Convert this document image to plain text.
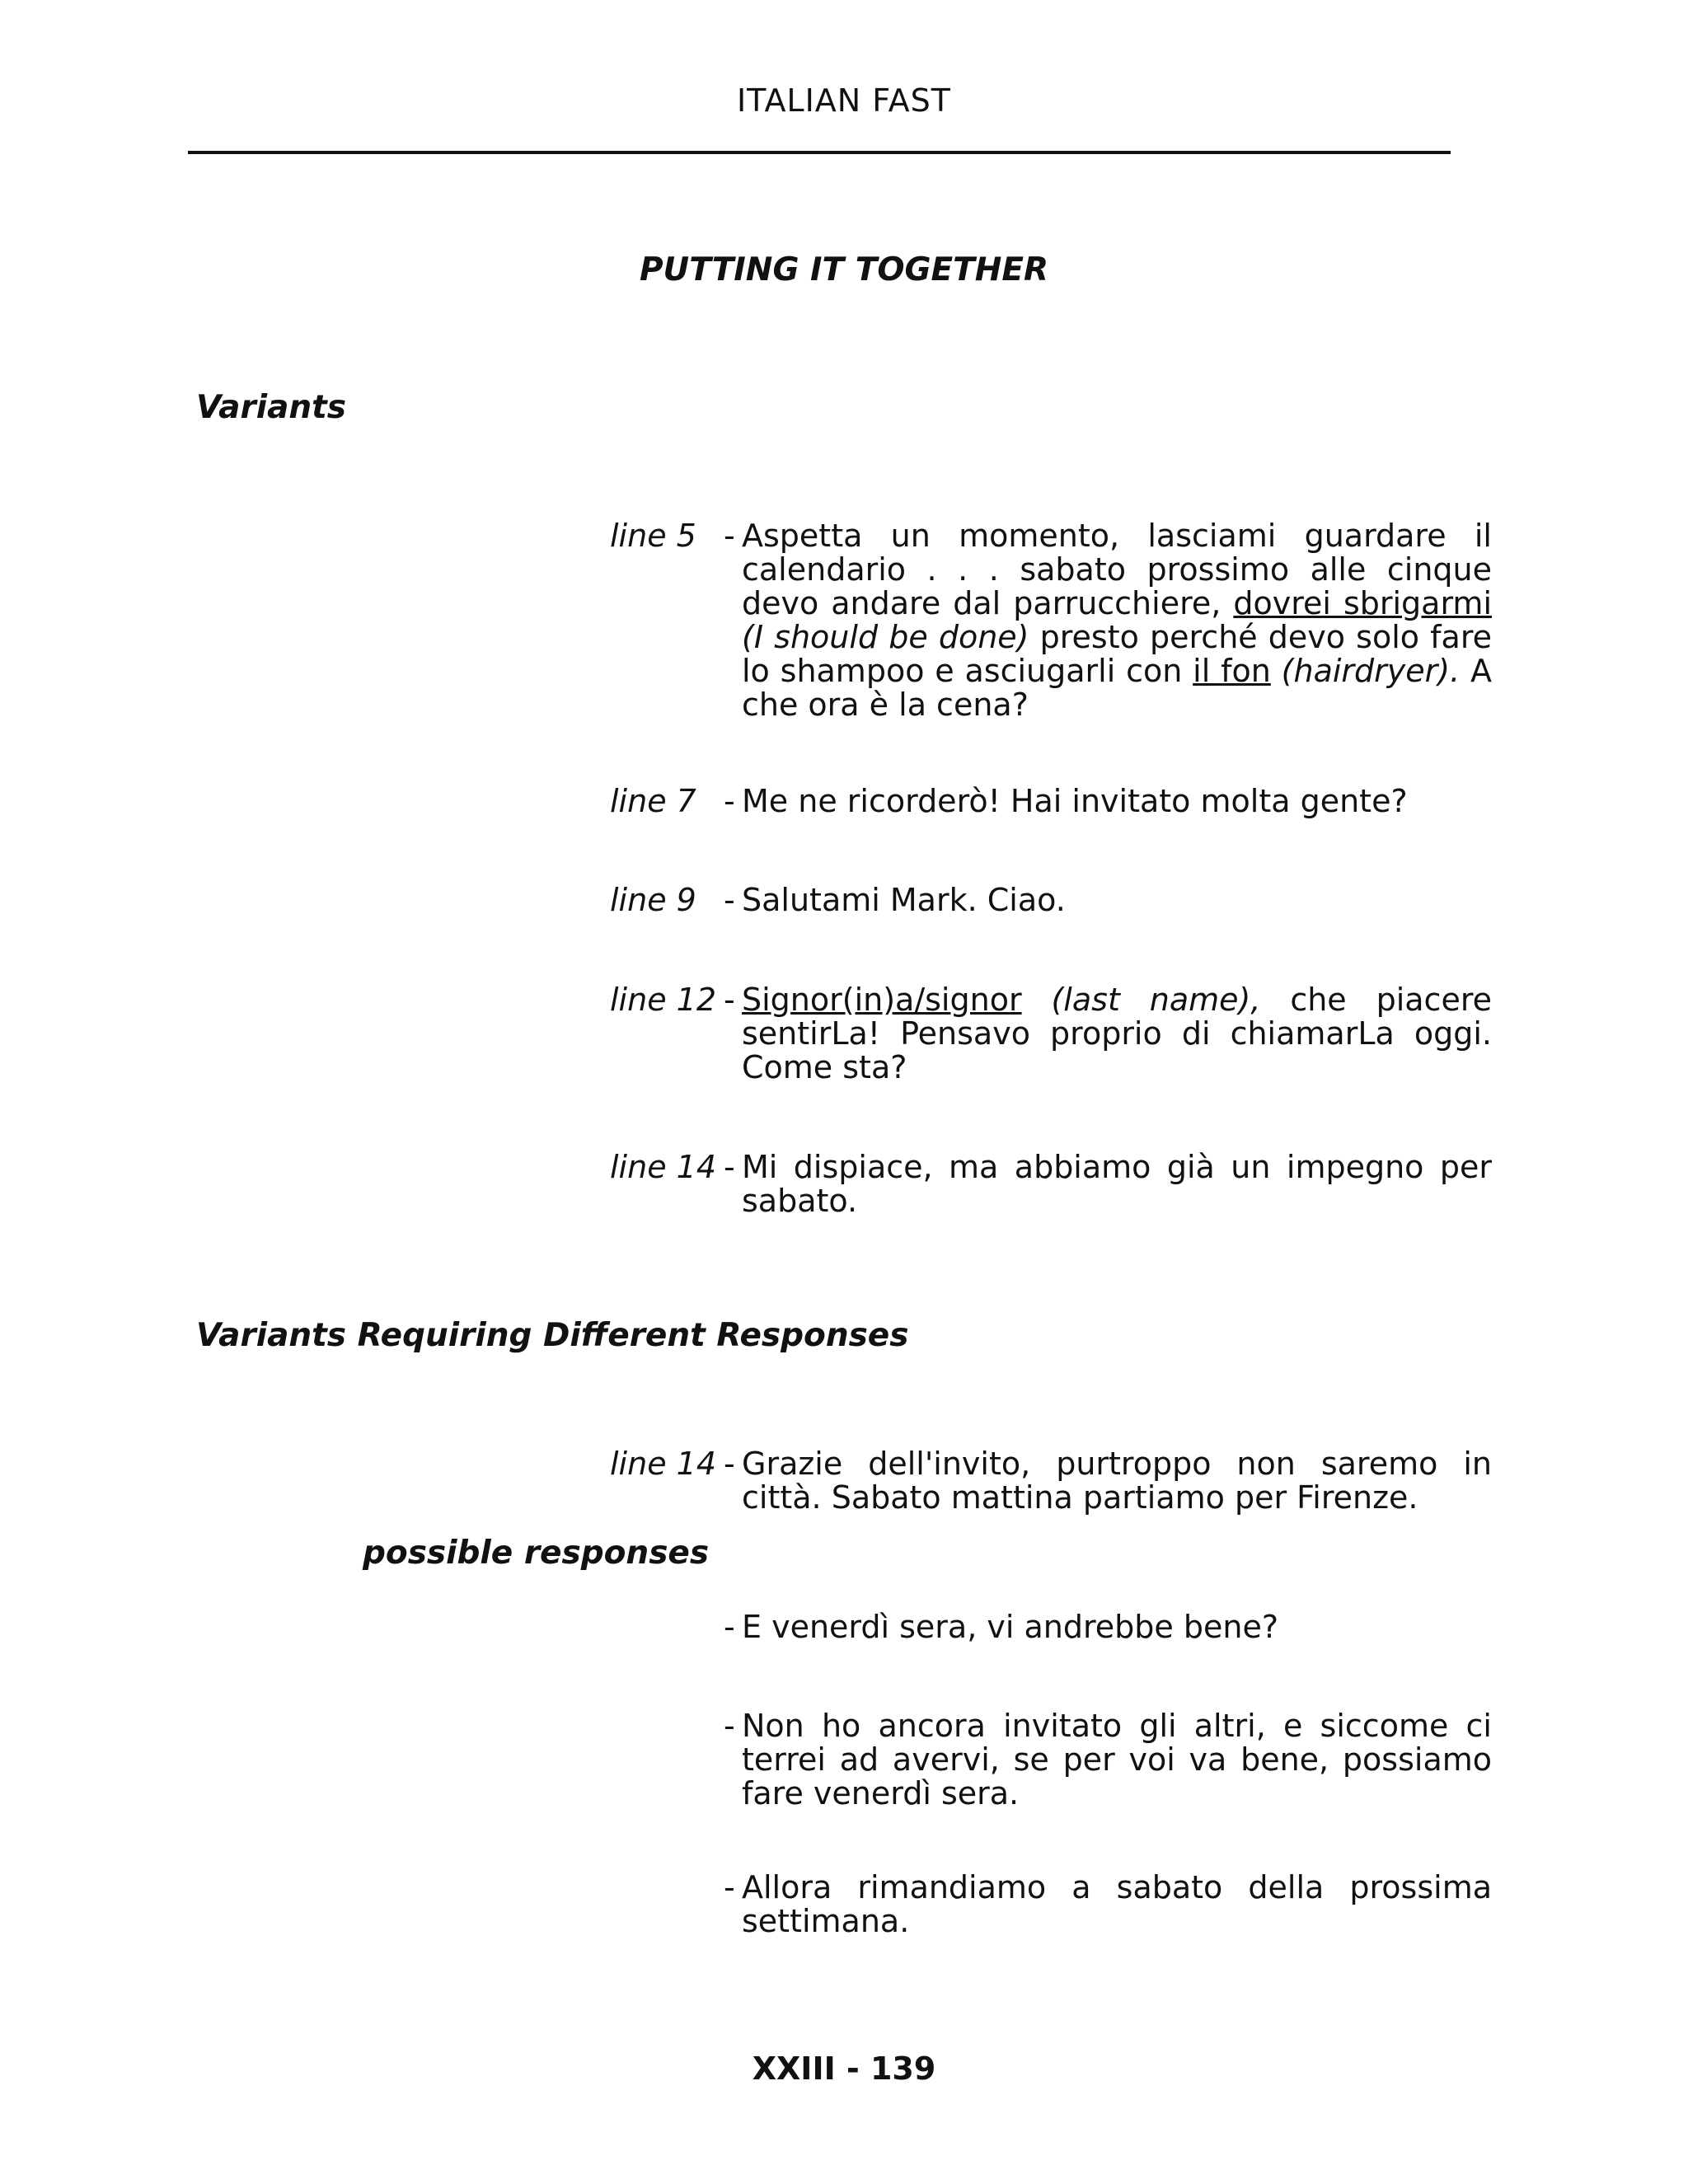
ITALIAN FAST
PUTTING IT TOGETHER
Variants
line 5 - Aspetta un momento, lasciami guardare il calendario . . . sabato prossimo alle cinque devo andare dal parrucchiere, dovrei sbrigarmi (I should be done) presto perché devo solo fare lo shampoo e asciugarli con il fon (hairdryer). A che ora è la cena?
line 7 - Me ne ricorderò! Hai invitato molta gente?
line 9 - Salutami Mark. Ciao.
line 12 - Signor(in)a/signor (last name), che piacere sentirLa! Pensavo proprio di chiamarLa oggi. Come sta?
line 14 - Mi dispiace, ma abbiamo già un impegno per sabato.
Variants Requiring Different Responses
line 14 - Grazie dell'invito, purtroppo non saremo in città. Sabato mattina partiamo per Firenze.
possible responses
- E venerdì sera, vi andrebbe bene?
- Non ho ancora invitato gli altri, e siccome ci terrei ad avervi, se per voi va bene, possiamo fare venerdì sera.
- Allora rimandiamo a sabato della prossima settimana.
XXIII - 139
